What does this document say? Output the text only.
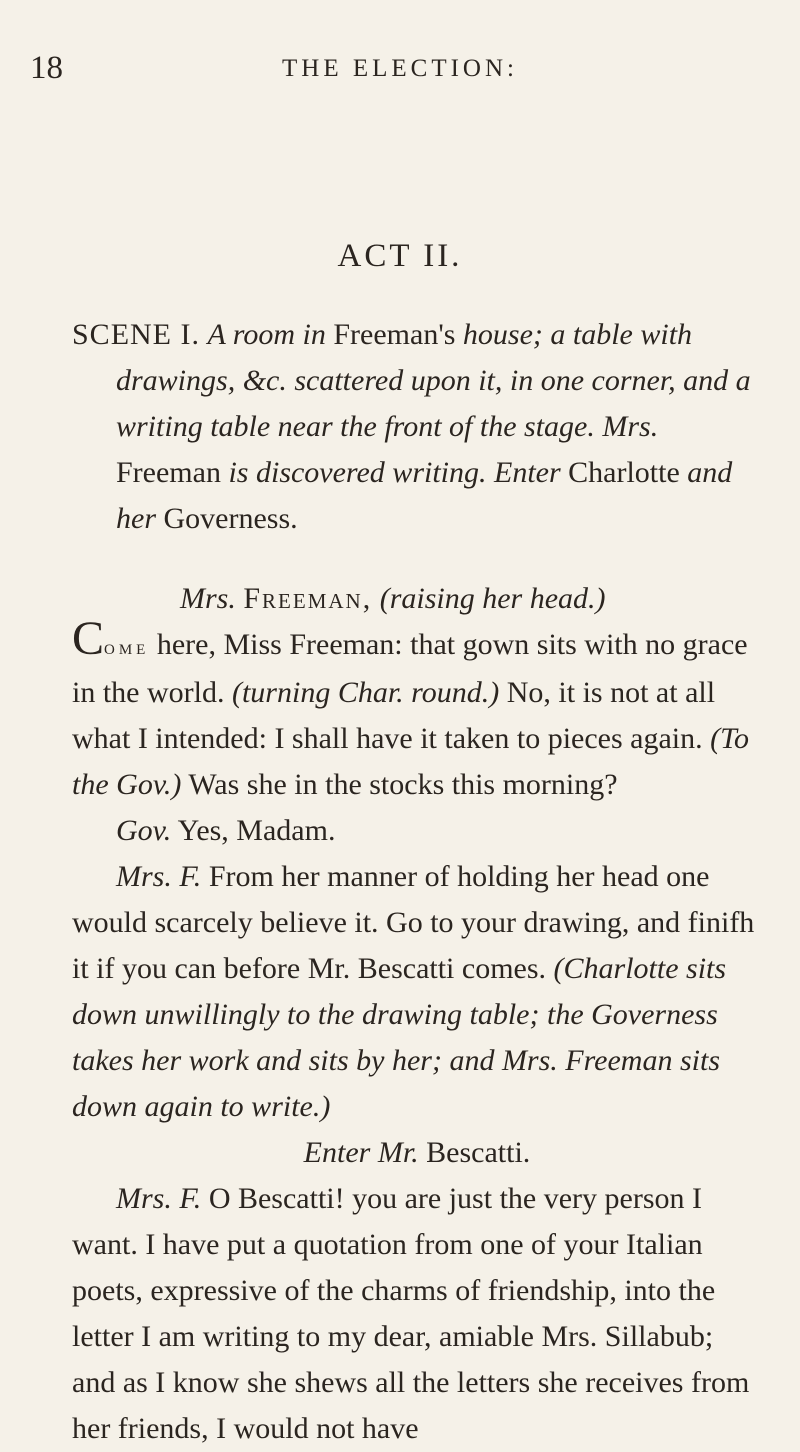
18	THE ELECTION:
ACT II.

SCENE I. A room in Freeman's house; a table with drawings, &c. scattered upon it, in one corner, and a writing table near the front of the stage. Mrs. Freeman is discovered writing. Enter Charlotte and her Governess.

Mrs. Freeman, (raising her head.)

Come here, Miss Freeman: that gown sits with no grace in the world. (turning Char. round.) No, it is not at all what I intended: I shall have it taken to pieces again. (To the Gov.) Was she in the stocks this morning?

Gov. Yes, Madam.

Mrs. F. From her manner of holding her head one would scarcely believe it. Go to your drawing, and finifh it if you can before Mr. Bescatti comes. (Charlotte sits down unwillingly to the drawing table; the Governess takes her work and sits by her; and Mrs. Freeman sits down again to write.)

Enter Mr. Bescatti.

Mrs. F. O Bescatti! you are just the very person I want. I have put a quotation from one of your Italian poets, expressive of the charms of friendship, into the letter I am writing to my dear, amiable Mrs. Sillabub; and as I know she shews all the letters she receives from her friends, I would not have
